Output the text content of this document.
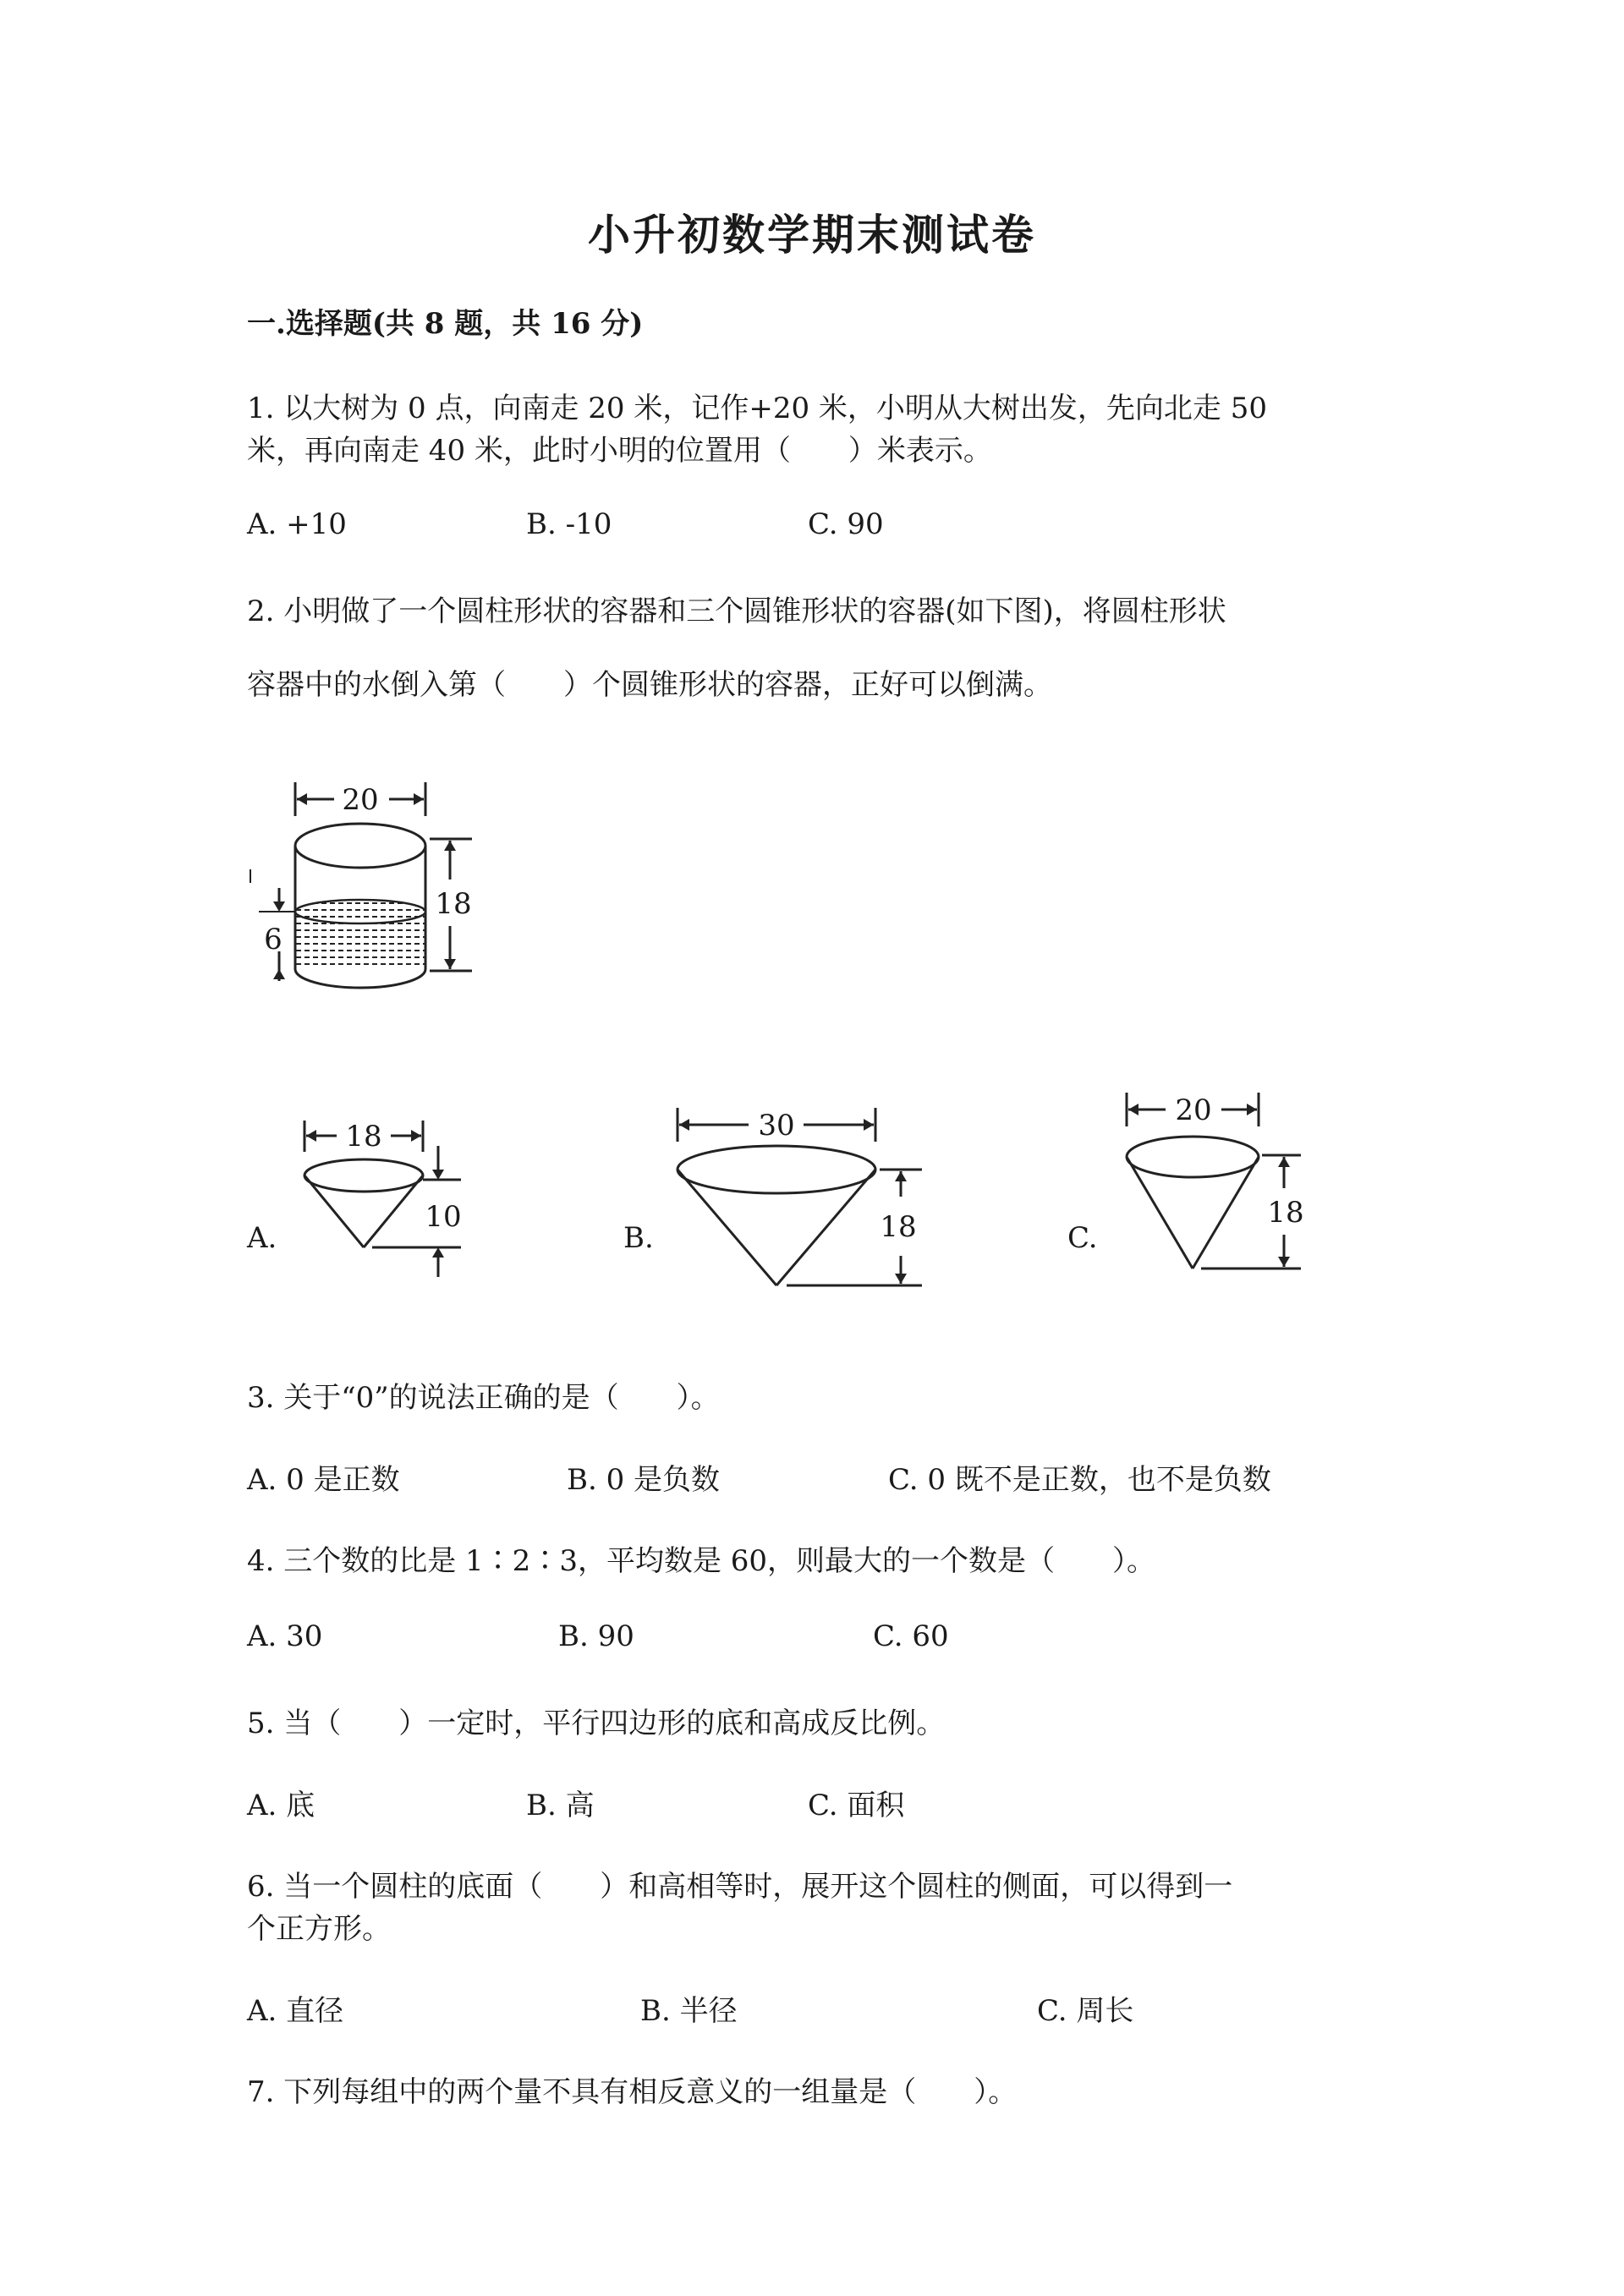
小升初数学期末测试卷
一.选择题(共 8 题，共 16 分)
1. 以大树为 0 点，向南走 20 米，记作+20 米，小明从大树出发，先向北走 50
米，再向南走 40 米，此时小明的位置用（　　）米表示。
A. +10	B. -10	C. 90
2. 小明做了一个圆柱形状的容器和三个圆锥形状的容器(如下图)，将圆柱形状
容器中的水倒入第（　　）个圆锥形状的容器，正好可以倒满。
20
18
6
A.
18
10
B.
30
18	C.
20
18
3. 关于“0”的说法正确的是（　　）。
A. 0 是正数	B. 0 是负数	C. 0 既不是正数，也不是负数
4. 三个数的比是 1∶2∶3，平均数是 60，则最大的一个数是（　　）。
A. 30	B. 90	C. 60
5. 当（　　）一定时，平行四边形的底和高成反比例。
A. 底	B. 高	C. 面积
6. 当一个圆柱的底面（　　）和高相等时，展开这个圆柱的侧面，可以得到一
个正方形。
A. 直径	B. 半径	C. 周长
7. 下列每组中的两个量不具有相反意义的一组量是（　　）。
